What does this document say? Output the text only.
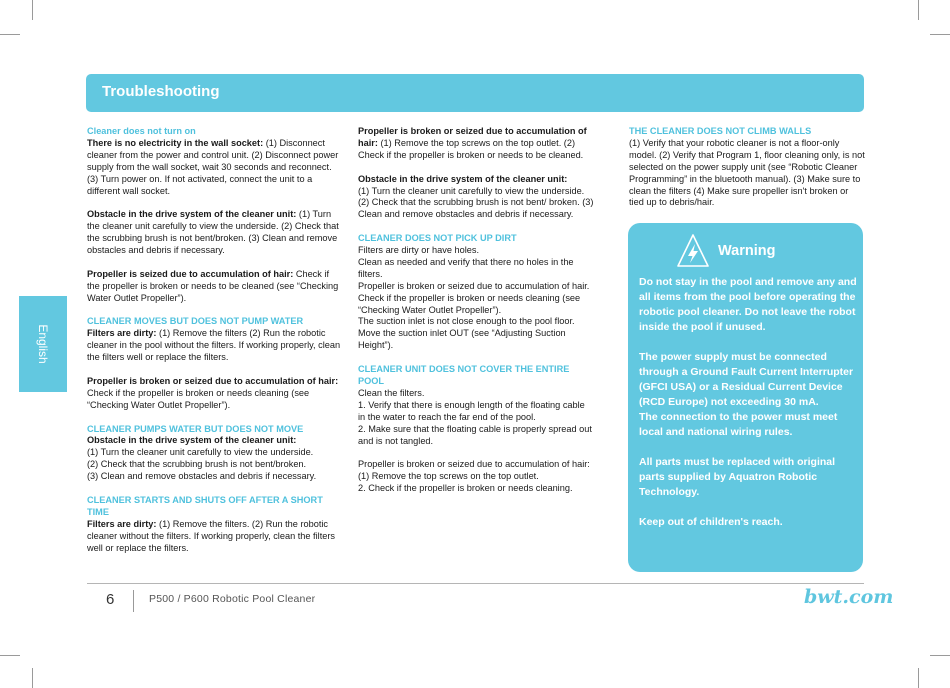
Troubleshooting
English

Cleaner does not turn on
There is no electricity in the wall socket: (1) Disconnect cleaner from the power and control unit. (2) Disconnect power supply from the wall socket, wait 30 seconds and reconnect. (3) Turn power on. If not activated, connect the unit to a different wall socket.

Obstacle in the drive system of the cleaner unit: (1) Turn the cleaner unit carefully to view the underside. (2) Check that the scrubbing brush is not bent/broken. (3) Clean and remove obstacles and debris if necessary.

Propeller is seized due to accumulation of hair: Check if the propeller is broken or needs to be cleaned (see “Checking Water Outlet Propeller”).

CLEANER MOVES BUT DOES NOT PUMP WATER
Filters are dirty: (1) Remove the filters (2) Run the robotic cleaner in the pool without the filters. If working properly, clean the filters well or replace the filters.

Propeller is broken or seized due to accumulation of hair: Check if the propeller is broken or needs cleaning (see “Checking Water Outlet Propeller”).

CLEANER PUMPS WATER BUT DOES NOT MOVE
Obstacle in the drive system of the cleaner unit:
(1) Turn the cleaner unit carefully to view the underside.
(2) Check that the scrubbing brush is not bent/broken.
(3) Clean and remove obstacles and debris if necessary.

CLEANER STARTS AND SHUTS OFF AFTER A SHORT TIME
Filters are dirty: (1) Remove the filters. (2) Run the robotic cleaner without the filters. If working properly, clean the filters well or replace the filters.

Propeller is broken or seized due to accumulation of hair: (1) Remove the top screws on the top outlet. (2) Check if the propeller is broken or needs to be cleaned.

Obstacle in the drive system of the cleaner unit:
(1) Turn the cleaner unit carefully to view the underside. (2) Check that the scrubbing brush is not bent/ broken. (3) Clean and remove obstacles and debris if necessary.

CLEANER DOES NOT PICK UP DIRT
Filters are dirty or have holes.
Clean as needed and verify that there no holes in the filters.
Propeller is broken or seized due to accumulation of hair.
Check if the propeller is broken or needs cleaning (see “Checking Water Outlet Propeller”).
The suction inlet is not close enough to the pool floor.
Move the suction inlet OUT (see “Adjusting Suction Height”).

CLEANER UNIT DOES NOT COVER THE ENTIRE POOL
Clean the filters.
1. Verify that there is enough length of the floating cable in the water to reach the far end of the pool.
2. Make sure that the floating cable is properly spread out and is not tangled.

Propeller is broken or seized due to accumulation of hair: (1) Remove the top screws on the top outlet.
2. Check if the propeller is broken or needs cleaning.

THE CLEANER DOES NOT CLIMB WALLS
(1) Verify that your robotic cleaner is not a floor-only model. (2) Verify that Program 1, floor cleaning only, is not selected on the power supply unit (see “Robotic Cleaner Programming” in the bluetooth manual). (3) Make sure to clean the filters (4) Make sure propeller isn't broken or tied up to debris/hair.

Warning

Do not stay in the pool and remove any and all items from the pool before operating the robotic pool cleaner. Do not leave the robot inside the pool if unused.

The power supply must be connected through a Ground Fault Current Interrupter (GFCI USA) or a Residual Current Device (RCD Europe) not exceeding 30 mA.
The connection to the power must meet local and national wiring rules.

All parts must be replaced with original parts supplied by Aquatron Robotic Technology.

Keep out of children's reach.

6	P500 / P600 Robotic Pool Cleaner	bwt.com
